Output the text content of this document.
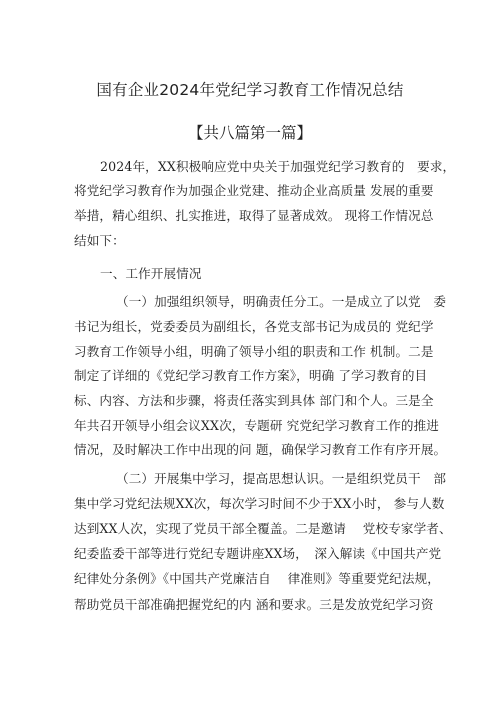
国有企业2024年党纪学习教育工作情况总结
【共八篇第一篇】
2024年，XX积极响应党中央关于加强党纪学习教育的　要求，
将党纪学习教育作为加强企业党建、推动企业高质量 发展的重要
举措，精心组织、扎实推进，取得了显著成效。 现将工作情况总
结如下：
一、工作开展情况
（一）加强组织领导，明确责任分工。一是成立了以党　委
书记为组长，党委委员为副组长，各党支部书记为成员的 党纪学
习教育工作领导小组，明确了领导小组的职责和工作 机制。二是
制定了详细的《党纪学习教育工作方案》，明确 了学习教育的目
标、内容、方法和步骤，将责任落实到具体 部门和个人。三是全
年共召开领导小组会议XX次，专题研 究党纪学习教育工作的推进
情况，及时解决工作中出现的问 题，确保学习教育工作有序开展。
（二）开展集中学习，提高思想认识。一是组织党员干　部
集中学习党纪法规XX次，每次学习时间不少于XX小时， 参与人数
达到XX人次，实现了党员干部全覆盖。二是邀请　 党校专家学者、
纪委监委干部等进行党纪专题讲座XX场，　深入解读《中国共产党
纪律处分条例》《中国共产党廉洁自　 律准则》等重要党纪法规，
帮助党员干部准确把握党纪的内 涵和要求。三是发放党纪学习资
